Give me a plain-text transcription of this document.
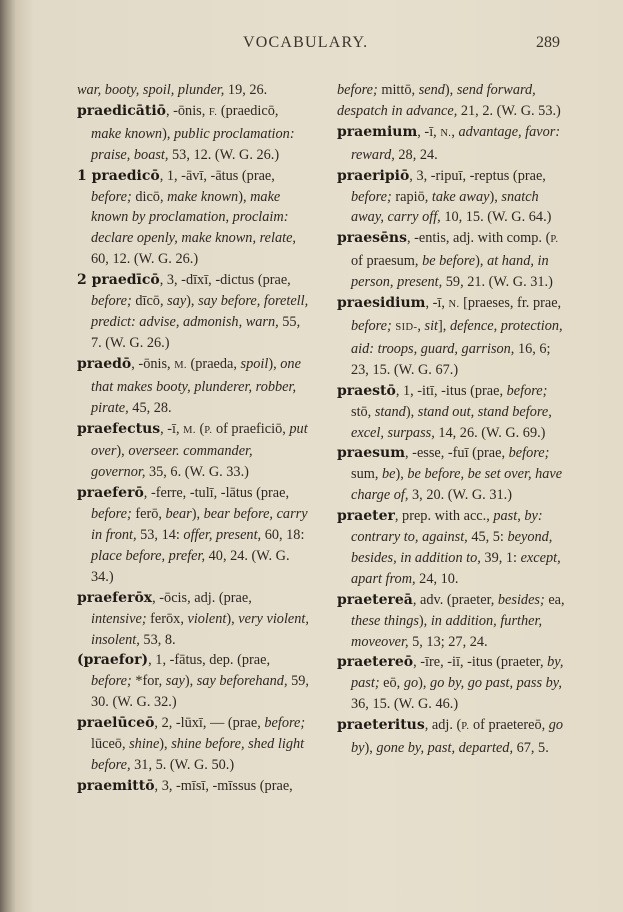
VOCABULARY.	289

war, booty, spoil, plunder, 19, 26.

praedicātiō, -ōnis, F. (praedicō, make known), public proclamation: praise, boast, 53, 12. (W. G. 26.)

1 praedicō, 1, -āvī, -ātus (prae, before; dicō, make known), make known by proclamation, proclaim: declare openly, make known, relate, 60, 12. (W. G. 26.)

2 praedīcō, 3, -dīxī, -dictus (prae, before; dīcō, say), say before, foretell, predict: advise, admonish, warn, 55, 7. (W. G. 26.)

praedō, -ōnis, M. (praeda, spoil), one that makes booty, plunderer, robber, pirate, 45, 28.

praefectus, -ī, M. (P. of praeficiō, put over), overseer. commander, governor, 35, 6. (W. G. 33.)

praeferō, -ferre, -tulī, -lātus (prae, before; ferō, bear), bear before, carry in front, 53, 14: offer, present, 60, 18: place before, prefer, 40, 24. (W. G. 34.)

praeferōx, -ōcis, adj. (prae, intensive; ferōx, violent), very violent, insolent, 53, 8.

(praefor), 1, -fātus, dep. (prae, before; *for, say), say beforehand, 59, 30. (W. G. 32.)

praelūceō, 2, -lūxī, — (prae, before; lūceō, shine), shine before, shed light before, 31, 5. (W. G. 50.)

praemittō, 3, -mīsī, -mīssus (prae,

before; mittō, send), send forward, despatch in advance, 21, 2. (W. G. 53.)

praemium, -ī, N., advantage, favor: reward, 28, 24.

praeripiō, 3, -ripuī, -reptus (prae, before; rapiō, take away), snatch away, carry off, 10, 15. (W. G. 64.)

praesēns, -entis, adj. with comp. (P. of praesum, be before), at hand, in person, present, 59, 21. (W. G. 31.)

praesidium, -ī, N. [praeses, fr. prae, before; SID-, sit], defence, protection, aid: troops, guard, garrison, 16, 6; 23, 15. (W. G. 67.)

praestō, 1, -itī, -itus (prae, before; stō, stand), stand out, stand before, excel, surpass, 14, 26. (W. G. 69.)

praesum, -esse, -fuī (prae, before; sum, be), be before, be set over, have charge of, 3, 20. (W. G. 31.)

praeter, prep. with acc., past, by: contrary to, against, 45, 5: beyond, besides, in addition to, 39, 1: except, apart from, 24, 10.

praetereā, adv. (praeter, besides; ea, these things), in addition, further, moveover, 5, 13; 27, 24.

praetereō, -īre, -iī, -itus (praeter, by, past; eō, go), go by, go past, pass by, 36, 15. (W. G. 46.)

praeteritus, adj. (P. of praetereō, go by), gone by, past, departed, 67, 5.
